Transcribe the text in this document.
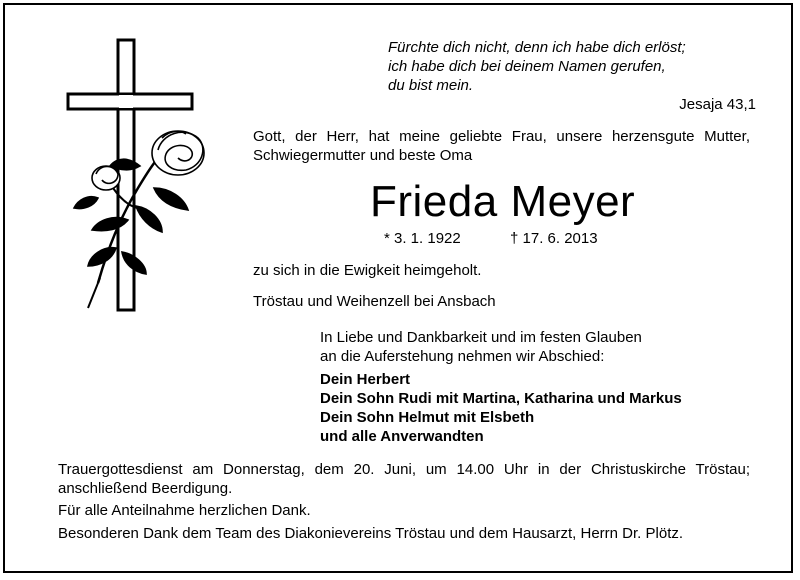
Fürchte dich nicht, denn ich habe dich erlöst;
ich habe dich bei deinem Namen gerufen,
du bist mein.
Jesaja 43,1
Gott, der Herr, hat meine geliebte Frau, unsere herzensgute Mutter, Schwiegermutter und beste Oma
Frieda Meyer
* 3. 1. 1922	† 17. 6. 2013
zu sich in die Ewigkeit heimgeholt.
Tröstau und Weihenzell bei Ansbach
In Liebe und Dankbarkeit und im festen Glauben
an die Auferstehung nehmen wir Abschied:
Dein Herbert
Dein Sohn Rudi mit Martina, Katharina und Markus
Dein Sohn Helmut mit Elsbeth
und alle Anverwandten
Trauergottesdienst am Donnerstag, dem 20. Juni, um 14.00 Uhr in der Christuskirche Tröstau; anschließend Beerdigung.
Für alle Anteilnahme herzlichen Dank.
Besonderen Dank dem Team des Diakonievereins Tröstau und dem Hausarzt, Herrn Dr. Plötz.
